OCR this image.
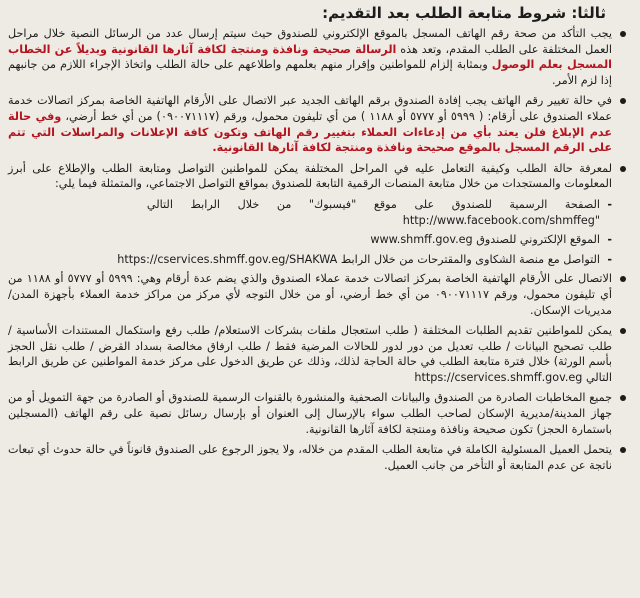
ثالثا: شروط متابعة الطلب بعد التقديم:
يجب التأكد من صحة رقم الهاتف المسجل بالموقع الإلكتروني للصندوق حيث سيتم إرسال عدد من الرسائل النصية خلال مراحل العمل المختلفة على الطلب المقدم، وتعد هذه الرسالة صحيحة ونافذة ومنتجة لكافة آثارها القانونية وبديلاً عن الخطاب المسجل بعلم الوصول وبمثابة إلزام للمواطنين وإقرار منهم بعلمهم واطلاعهم على حالة الطلب واتخاذ الإجراء اللازم من جانبهم إذا لزم الأمر.
في حالة تغيير رقم الهاتف يجب إفادة الصندوق برقم الهاتف الجديد عبر الاتصال على الأرقام الهاتفية الخاصة بمركز اتصالات خدمة عملاء الصندوق على أرقام: ( ٥٩٩٩ أو ٥٧٧٧ أو ١١٨٨ ) من أي تليفون محمول، ورقم (٠٩٠٠٧١١١٧) من أي خط أرضي، وفي حالة عدم الإبلاغ فلن يعتد بأي من إدعاءات العملاء بتغيير رقم الهاتف وتكون كافة الإعلانات والمراسلات التي تتم على الرقم المسجل بالموقع صحيحة ونافذة ومنتجة لكافة آثارها القانونية.
لمعرفة حالة الطلب وكيفية التعامل عليه في المراحل المختلفة يمكن للمواطنين التواصل ومتابعة الطلب والإطلاع على أبرز المعلومات والمستجدات من خلال متابعة المنصات الرقمية التابعة للصندوق بمواقع التواصل الاجتماعي، والمتمثلة فيما يلي:
- الصفحة الرسمية للصندوق على موقع "فيسبوك" من خلال الرابط التالي
http://www.facebook.com/shmffeg"
- الموقع الإلكتروني للصندوق www.shmff.gov.eg
- التواصل مع منصة الشكاوى والمقترحات من خلال الرابط https://cservices.shmff.gov.eg/SHAKWA
الاتصال على الأرقام الهاتفية الخاصة بمركز اتصالات خدمة عملاء الصندوق والذي يضم عدة أرقام وهي: ٥٩٩٩ أو ٥٧٧٧ أو ١١٨٨ من أي تليفون محمول، ورقم ٠٩٠٠٧١١١٧ من أي خط أرضي، أو من خلال التوجه لأي مركز من مراكز خدمة العملاء بأجهزة المدن/مديريات الإسكان.
يمكن للمواطنين تقديم الطلبات المختلفة ( طلب استعجال ملفات بشركات الاستعلام/ طلب رفع واستكمال المستندات الأساسية / طلب تصحيح البيانات / طلب تعديل من دور لدور للحالات المرضية فقط / طلب ارفاق مخالصة بسداد القرض / طلب نقل الحجز بأسم الورثة) خلال فترة متابعة الطلب في حالة الحاجة لذلك، وذلك عن طريق الدخول على مركز خدمة المواطنين عن طريق الرابط التالي https://cservices.shmff.gov.eg
جميع المخاطبات الصادرة من الصندوق والبيانات الصحفية والمنشورة بالقنوات الرسمية للصندوق أو الصادرة من جهة التمويل أو من جهاز المدينة/مديرية الإسكان لصاحب الطلب سواء بالإرسال إلى العنوان أو بإرسال رسائل نصية على رقم الهاتف (المسجلين باستمارة الحجز) تكون صحيحة ونافذة ومنتجة لكافة آثارها القانونية.
يتحمل العميل المسئولية الكاملة في متابعة الطلب المقدم من خلاله، ولا يجوز الرجوع على الصندوق قانوناً في حالة حدوث أي تبعات ناتجة عن عدم المتابعة أو التأخر من جانب العميل.
